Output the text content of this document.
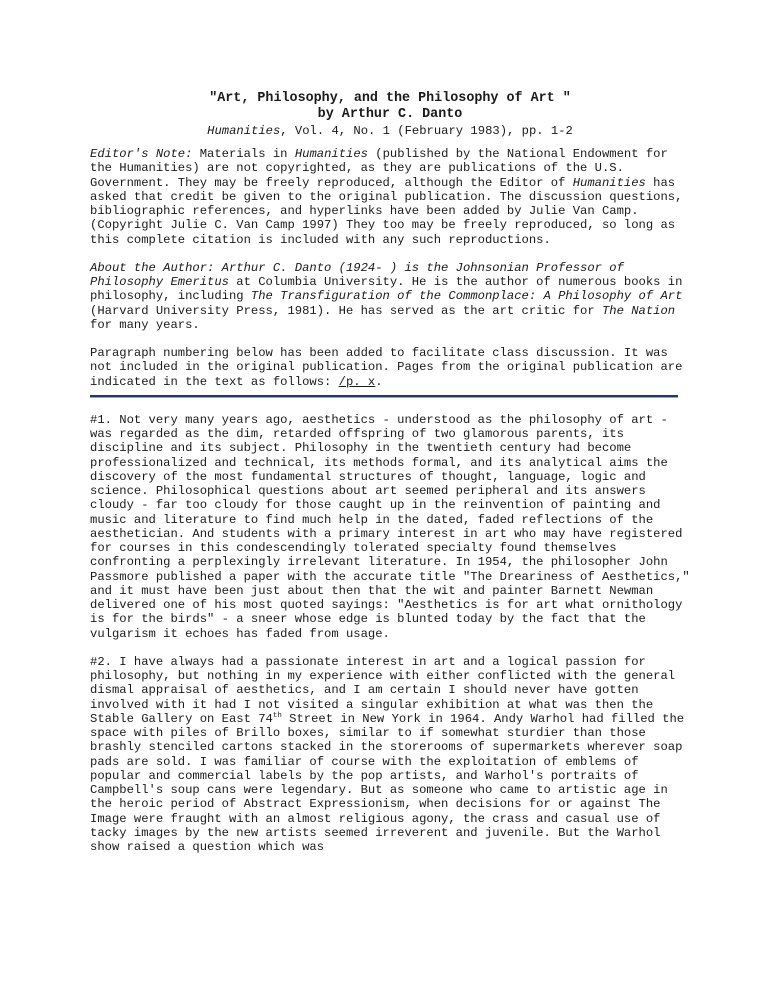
"Art, Philosophy, and the Philosophy of Art "
by Arthur C. Danto
Humanities, Vol. 4, No. 1 (February 1983), pp. 1-2

Editor's Note: Materials in Humanities (published by the National Endowment for the Humanities) are not copyrighted, as they are publications of the U.S. Government. They may be freely reproduced, although the Editor of Humanities has asked that credit be given to the original publication. The discussion questions, bibliographic references, and hyperlinks have been added by Julie Van Camp. (Copyright Julie C. Van Camp 1997) They too may be freely reproduced, so long as this complete citation is included with any such reproductions.

About the Author: Arthur C. Danto (1924- ) is the Johnsonian Professor of Philosophy Emeritus at Columbia University. He is the author of numerous books in philosophy, including The Transfiguration of the Commonplace: A Philosophy of Art (Harvard University Press, 1981). He has served as the art critic for The Nation for many years.

Paragraph numbering below has been added to facilitate class discussion. It was not included in the original publication. Pages from the original publication are indicated in the text as follows: /p. x.

#1. Not very many years ago, aesthetics - understood as the philosophy of art - was regarded as the dim, retarded offspring of two glamorous parents, its discipline and its subject. Philosophy in the twentieth century had become professionalized and technical, its methods formal, and its analytical aims the discovery of the most fundamental structures of thought, language, logic and science. Philosophical questions about art seemed peripheral and its answers cloudy - far too cloudy for those caught up in the reinvention of painting and music and literature to find much help in the dated, faded reflections of the aesthetician. And students with a primary interest in art who may have registered for courses in this condescendingly tolerated specialty found themselves confronting a perplexingly irrelevant literature. In 1954, the philosopher John Passmore published a paper with the accurate title "The Dreariness of Aesthetics," and it must have been just about then that the wit and painter Barnett Newman delivered one of his most quoted sayings: "Aesthetics is for art what ornithology is for the birds" - a sneer whose edge is blunted today by the fact that the vulgarism it echoes has faded from usage.

#2. I have always had a passionate interest in art and a logical passion for philosophy, but nothing in my experience with either conflicted with the general dismal appraisal of aesthetics, and I am certain I should never have gotten involved with it had I not visited a singular exhibition at what was then the Stable Gallery on East 74th Street in New York in 1964. Andy Warhol had filled the space with piles of Brillo boxes, similar to if somewhat sturdier than those brashly stenciled cartons stacked in the storerooms of supermarkets wherever soap pads are sold. I was familiar of course with the exploitation of emblems of popular and commercial labels by the pop artists, and Warhol's portraits of Campbell's soup cans were legendary. But as someone who came to artistic age in the heroic period of Abstract Expressionism, when decisions for or against The Image were fraught with an almost religious agony, the crass and casual use of tacky images by the new artists seemed irreverent and juvenile. But the Warhol show raised a question which was
